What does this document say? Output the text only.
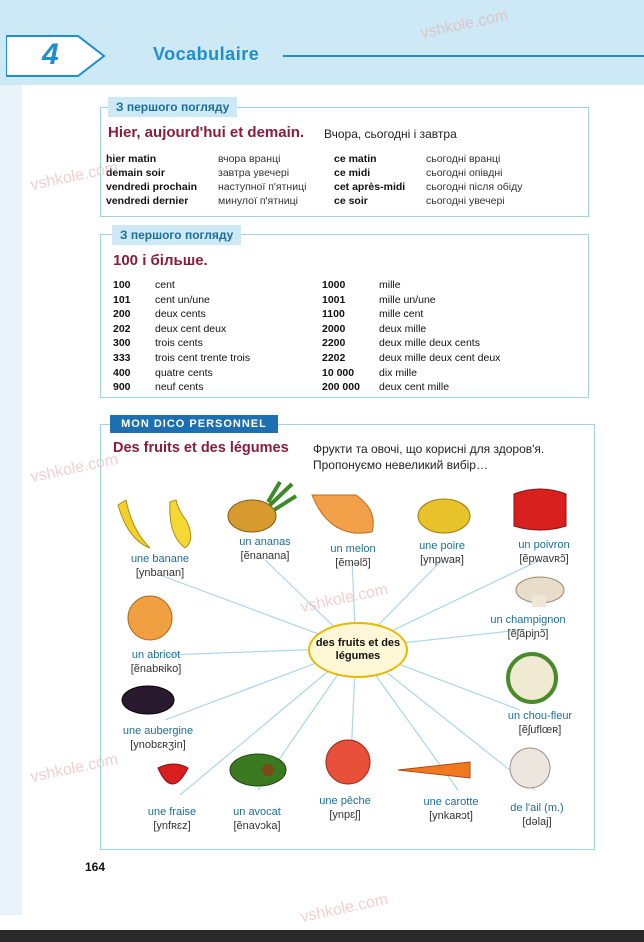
4	Vocabulaire
З першого погляду
Hier, aujourd'hui et demain. Вчора, сьогодні і завтра
hier matin	вчора вранці	ce matin	сьогодні вранці
demain soir	завтра увечері	ce midi	сьогодні опівдні
vendredi prochain наступної п'ятниці	cet après-midi сьогодні після обіду
vendredi dernier	минулої п'ятниці	ce soir	сьогодні увечері
З першого погляду
100 і більше.
100 cent	1000	mille
101 cent un/une	1001	mille un/une
200 deux cents	1100	mille cent
202 deux cent deux	2000	deux mille
300 trois cents	2200	deux mille deux cents
333 trois cent trente trois	2202	deux mille deux cent deux
400 quatre cents	10 000 dix mille
900 neuf cents	200 000 deux cent mille
MON DICO PERSONNEL
Des fruits et des légumes Фрукти та овочі, що корисні для здоров'я.
Пропонуємо невеликий вибір…
des fruits et des légumes
une banane
[ynbanan]
un ananas
[ẽnanana]
un melon
[ẽmәlɔ̃]
une poire
[ynpwaʀ]
un poivron
[ẽpwavʀɔ̃]
un champignon
[ẽʃãpiɲɔ̃]
un chou-fleur
[ẽʃuflœʀ]
de l'ail (m.)
[dəlaj]
une carotte
[ynkaʀɔt]
une pêche
[ynpɛʃ]
un avocat
[ẽnavɔka]
une fraise
[ynfʀɛz]
une aubergine
[ynobɛʀʒin]
un abricot
[ẽnabʀiko]
164
vshkole.com
vshkole.com
vshkole.com
vshkole.com
vshkole.com
vshkole.com
